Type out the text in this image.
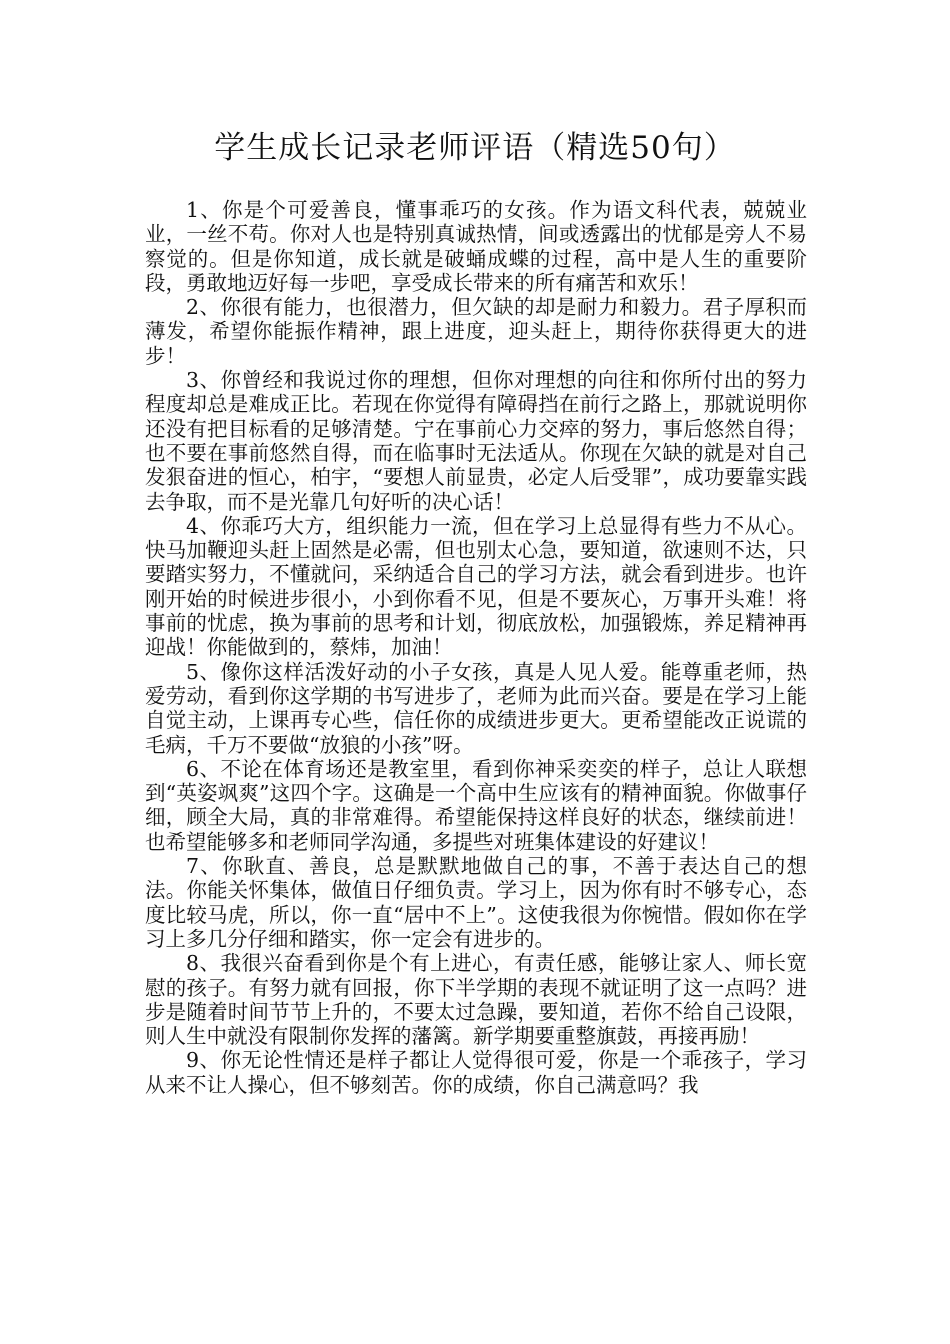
学生成长记录老师评语（精选50句）

1、你是个可爱善良，懂事乖巧的女孩。作为语文科代表，兢兢业业，一丝不苟。你对人也是特别真诚热情，间或透露出的忧郁是旁人不易察觉的。但是你知道，成长就是破蛹成蝶的过程，高中是人生的重要阶段，勇敢地迈好每一步吧，享受成长带来的所有痛苦和欢乐！

2、你很有能力，也很潜力，但欠缺的却是耐力和毅力。君子厚积而薄发，希望你能振作精神，跟上进度，迎头赶上，期待你获得更大的进步！

3、你曾经和我说过你的理想，但你对理想的向往和你所付出的努力程度却总是难成正比。若现在你觉得有障碍挡在前行之路上，那就说明你还没有把目标看的足够清楚。宁在事前心力交瘁的努力，事后悠然自得；也不要在事前悠然自得，而在临事时无法适从。你现在欠缺的就是对自己发狠奋进的恒心，柏宇，“要想人前显贵，必定人后受罪”，成功要靠实践去争取，而不是光靠几句好听的决心话！

4、你乖巧大方，组织能力一流，但在学习上总显得有些力不从心。快马加鞭迎头赶上固然是必需，但也别太心急，要知道，欲速则不达，只要踏实努力，不懂就问，采纳适合自己的学习方法，就会看到进步。也许刚开始的时候进步很小，小到你看不见，但是不要灰心，万事开头难！将事前的忧虑，换为事前的思考和计划，彻底放松，加强锻炼，养足精神再迎战！你能做到的，蔡炜，加油！

5、像你这样活泼好动的小子女孩，真是人见人爱。能尊重老师，热爱劳动，看到你这学期的书写进步了，老师为此而兴奋。要是在学习上能自觉主动，上课再专心些，信任你的成绩进步更大。更希望能改正说谎的毛病，千万不要做“放狼的小孩”呀。

6、不论在体育场还是教室里，看到你神采奕奕的样子，总让人联想到“英姿飒爽”这四个字。这确是一个高中生应该有的精神面貌。你做事仔细，顾全大局，真的非常难得。希望能保持这样良好的状态，继续前进！也希望能够多和老师同学沟通，多提些对班集体建设的好建议！

7、你耿直、善良，总是默默地做自己的事，不善于表达自己的想法。你能关怀集体，做值日仔细负责。学习上，因为你有时不够专心，态度比较马虎，所以，你一直“居中不上”。这使我很为你惋惜。假如你在学习上多几分仔细和踏实，你一定会有进步的。

8、我很兴奋看到你是个有上进心，有责任感，能够让家人、师长宽慰的孩子。有努力就有回报，你下半学期的表现不就证明了这一点吗？进步是随着时间节节上升的，不要太过急躁，要知道，若你不给自己设限，则人生中就没有限制你发挥的藩篱。新学期要重整旗鼓，再接再励！

9、你无论性情还是样子都让人觉得很可爱，你是一个乖孩子，学习从来不让人操心，但不够刻苦。你的成绩，你自己满意吗？我
